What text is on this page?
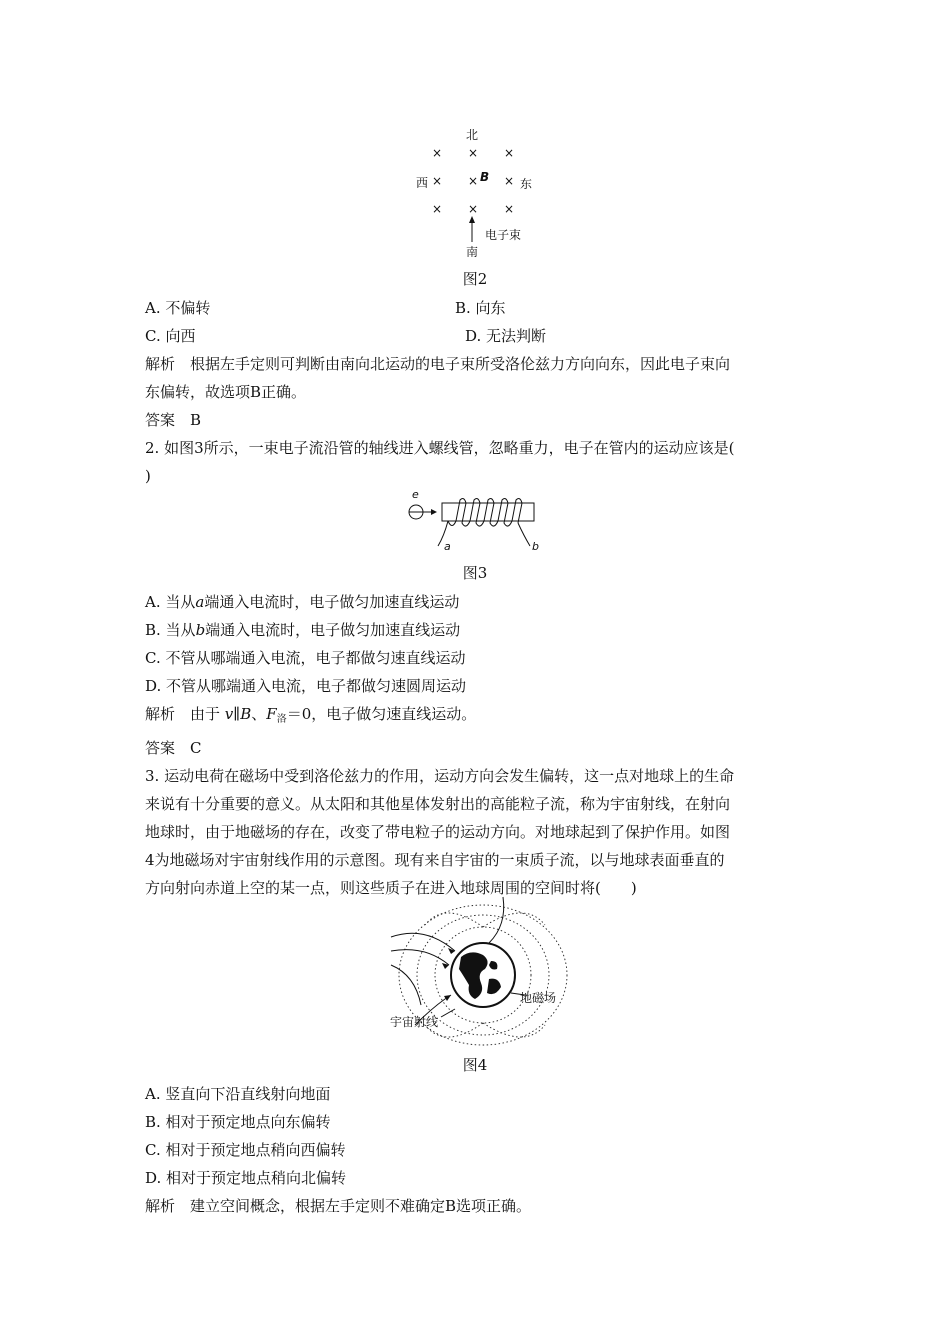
北
× × ×
西 × × B × 东
× × ×
电子束
南
图2
A. 不偏转	B. 向东
C. 向西	D. 无法判断
解析　根据左手定则可判断由南向北运动的电子束所受洛伦兹力方向向东，因此电子束向
东偏转，故选项B正确。
答案　B
2. 如图3所示，一束电子流沿管的轴线进入螺线管，忽略重力，电子在管内的运动应该是(
)
e
a	b
图3
A. 当从a端通入电流时，电子做匀加速直线运动
B. 当从b端通入电流时，电子做匀加速直线运动
C. 不管从哪端通入电流，电子都做匀速直线运动
D. 不管从哪端通入电流，电子都做匀速圆周运动
解析　由于 v∥B、$F_洛=0$，电子做匀速直线运动。
答案　C
3. 运动电荷在磁场中受到洛伦兹力的作用，运动方向会发生偏转，这一点对地球上的生命
来说有十分重要的意义。从太阳和其他星体发射出的高能粒子流，称为宇宙射线，在射向
地球时，由于地磁场的存在，改变了带电粒子的运动方向。对地球起到了保护作用。如图
4为地磁场对宇宙射线作用的示意图。现有来自宇宙的一束质子流，以与地球表面垂直的
方向射向赤道上空的某一点，则这些质子在进入地球周围的空间时将(　　)
地磁场
宇宙射线
图4
A. 竖直向下沿直线射向地面
B. 相对于预定地点向东偏转
C. 相对于预定地点稍向西偏转
D. 相对于预定地点稍向北偏转
解析　建立空间概念，根据左手定则不难确定B选项正确。
